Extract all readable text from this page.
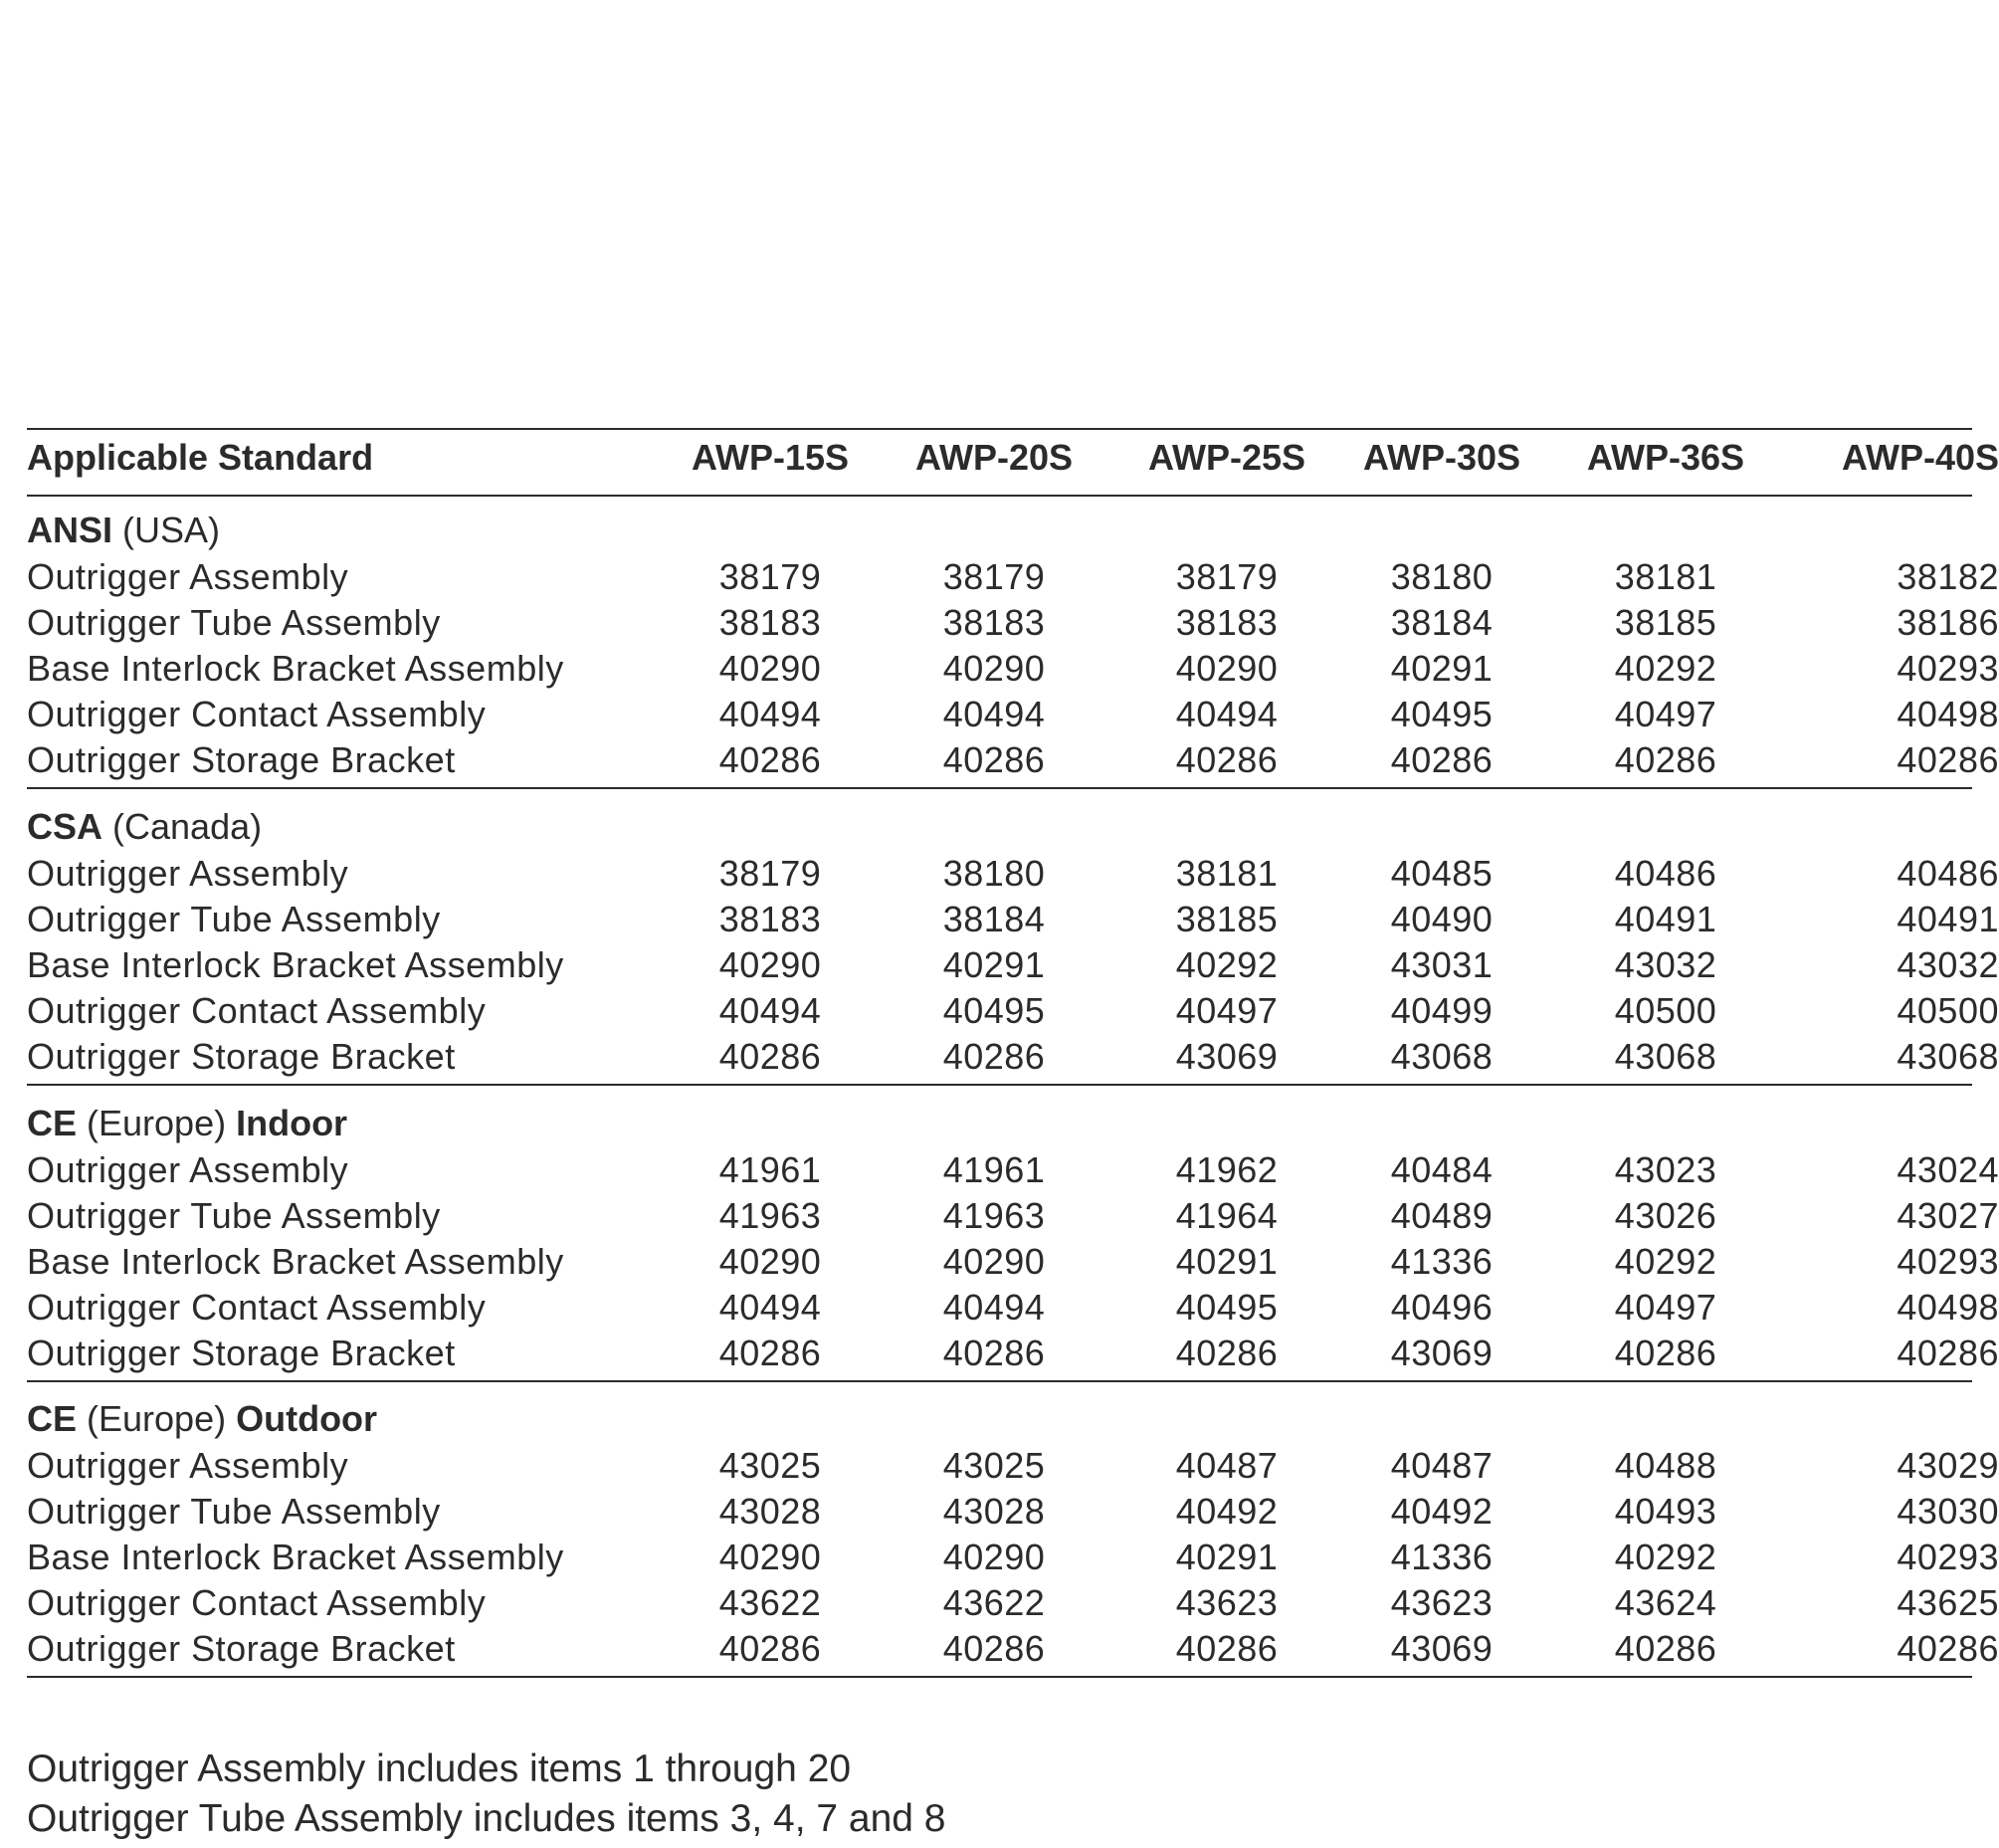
Applicable Standard	AWP-15S	AWP-20S	AWP-25S	AWP-30S	AWP-36S	AWP-40S
ANSI (USA)
Outrigger Assembly	38179	38179	38179	38180	38181	38182
Outrigger Tube Assembly	38183	38183	38183	38184	38185	38186
Base Interlock Bracket Assembly	40290	40290	40290	40291	40292	40293
Outrigger Contact Assembly	40494	40494	40494	40495	40497	40498
Outrigger Storage Bracket	40286	40286	40286	40286	40286	40286
CSA (Canada)
Outrigger Assembly	38179	38180	38181	40485	40486	40486
Outrigger Tube Assembly	38183	38184	38185	40490	40491	40491
Base Interlock Bracket Assembly	40290	40291	40292	43031	43032	43032
Outrigger Contact Assembly	40494	40495	40497	40499	40500	40500
Outrigger Storage Bracket	40286	40286	43069	43068	43068	43068
CE (Europe) Indoor
Outrigger Assembly	41961	41961	41962	40484	43023	43024
Outrigger Tube Assembly	41963	41963	41964	40489	43026	43027
Base Interlock Bracket Assembly	40290	40290	40291	41336	40292	40293
Outrigger Contact Assembly	40494	40494	40495	40496	40497	40498
Outrigger Storage Bracket	40286	40286	40286	43069	40286	40286
CE (Europe) Outdoor
Outrigger Assembly	43025	43025	40487	40487	40488	43029
Outrigger Tube Assembly	43028	43028	40492	40492	40493	43030
Base Interlock Bracket Assembly	40290	40290	40291	41336	40292	40293
Outrigger Contact Assembly	43622	43622	43623	43623	43624	43625
Outrigger Storage Bracket	40286	40286	40286	43069	40286	40286
Outrigger Assembly includes items 1 through 20
Outrigger Tube Assembly includes items 3, 4, 7 and 8
